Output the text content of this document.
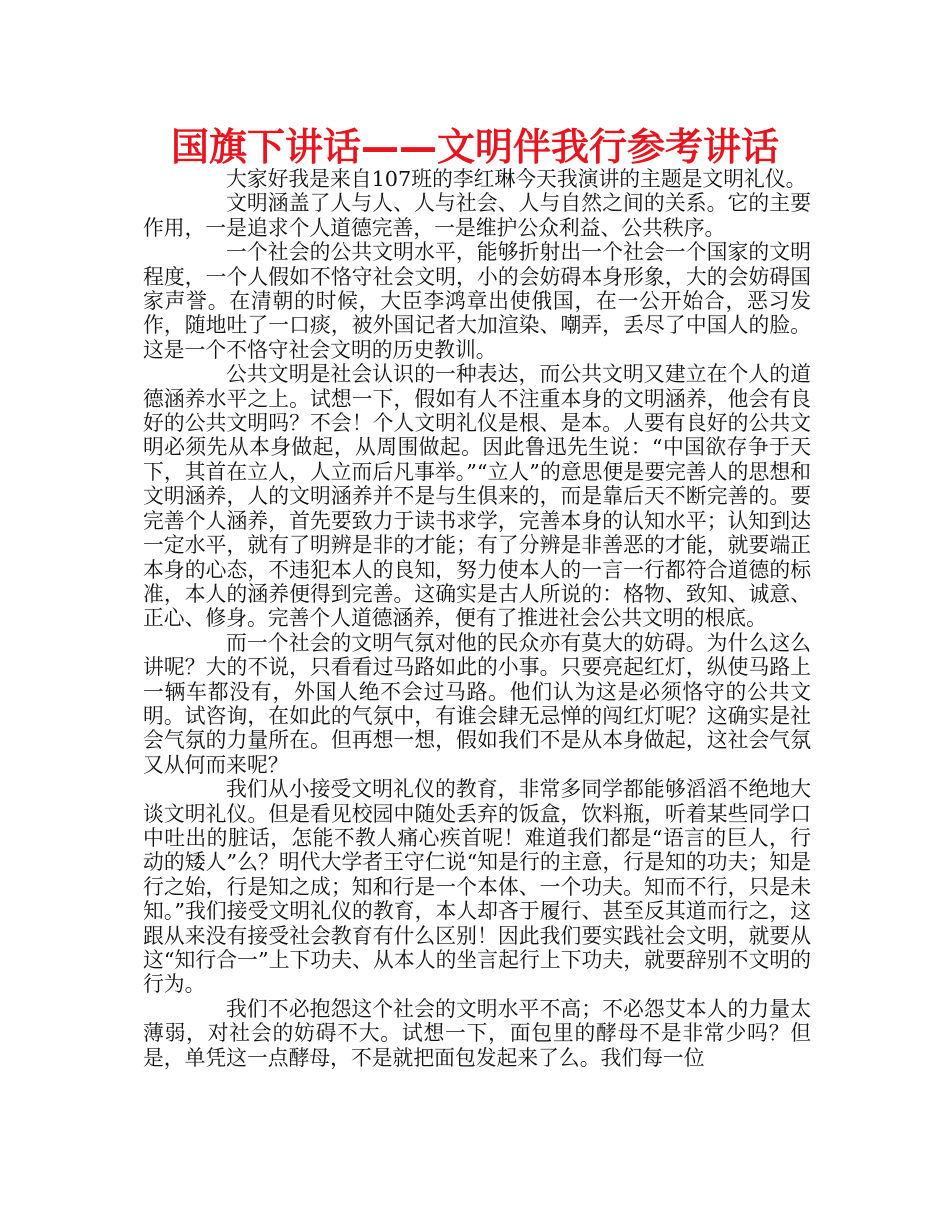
国旗下讲话——文明伴我行参考讲话

大家好我是来自107班的李红琳今天我演讲的主题是文明礼仪。

文明涵盖了人与人、人与社会、人与自然之间的关系。它的主要作用，一是追求个人道德完善，一是维护公众利益、公共秩序。

一个社会的公共文明水平，能够折射出一个社会一个国家的文明程度，一个人假如不恪守社会文明，小的会妨碍本身形象，大的会妨碍国家声誉。在清朝的时候，大臣李鸿章出使俄国，在一公开始合，恶习发作，随地吐了一口痰，被外国记者大加渲染、嘲弄，丢尽了中国人的脸。这是一个不恪守社会文明的历史教训。

公共文明是社会认识的一种表达，而公共文明又建立在个人的道德涵养水平之上。试想一下，假如有人不注重本身的文明涵养，他会有良好的公共文明吗？不会！个人文明礼仪是根、是本。人要有良好的公共文明必须先从本身做起，从周围做起。因此鲁迅先生说：“中国欲存争于天下，其首在立人，人立而后凡事举。”“立人”的意思便是要完善人的思想和文明涵养，人的文明涵养并不是与生俱来的，而是靠后天不断完善的。要完善个人涵养，首先要致力于读书求学，完善本身的认知水平；认知到达一定水平，就有了明辨是非的才能；有了分辨是非善恶的才能，就要端正本身的心态，不违犯本人的良知，努力使本人的一言一行都符合道德的标准，本人的涵养便得到完善。这确实是古人所说的：格物、致知、诚意、正心、修身。完善个人道德涵养，便有了推进社会公共文明的根底。

而一个社会的文明气氛对他的民众亦有莫大的妨碍。为什么这么讲呢？大的不说，只看看过马路如此的小事。只要亮起红灯，纵使马路上一辆车都没有，外国人绝不会过马路。他们认为这是必须恪守的公共文明。试咨询，在如此的气氛中，有谁会肆无忌惮的闯红灯呢？这确实是社会气氛的力量所在。但再想一想，假如我们不是从本身做起，这社会气氛又从何而来呢？

我们从小接受文明礼仪的教育，非常多同学都能够滔滔不绝地大谈文明礼仪。但是看见校园中随处丢弃的饭盒，饮料瓶，听着某些同学口中吐出的脏话，怎能不教人痛心疾首呢！难道我们都是“语言的巨人，行动的矮人”么？明代大学者王守仁说“知是行的主意，行是知的功夫；知是行之始，行是知之成；知和行是一个本体、一个功夫。知而不行，只是未知。”我们接受文明礼仪的教育，本人却吝于履行、甚至反其道而行之，这跟从来没有接受社会教育有什么区别！因此我们要实践社会文明，就要从这“知行合一”上下功夫、从本人的坐言起行上下功夫，就要辞别不文明的行为。

我们不必抱怨这个社会的文明水平不高；不必怨艾本人的力量太薄弱，对社会的妨碍不大。试想一下，面包里的酵母不是非常少吗？但是，单凭这一点酵母，不是就把面包发起来了么。我们每一位
